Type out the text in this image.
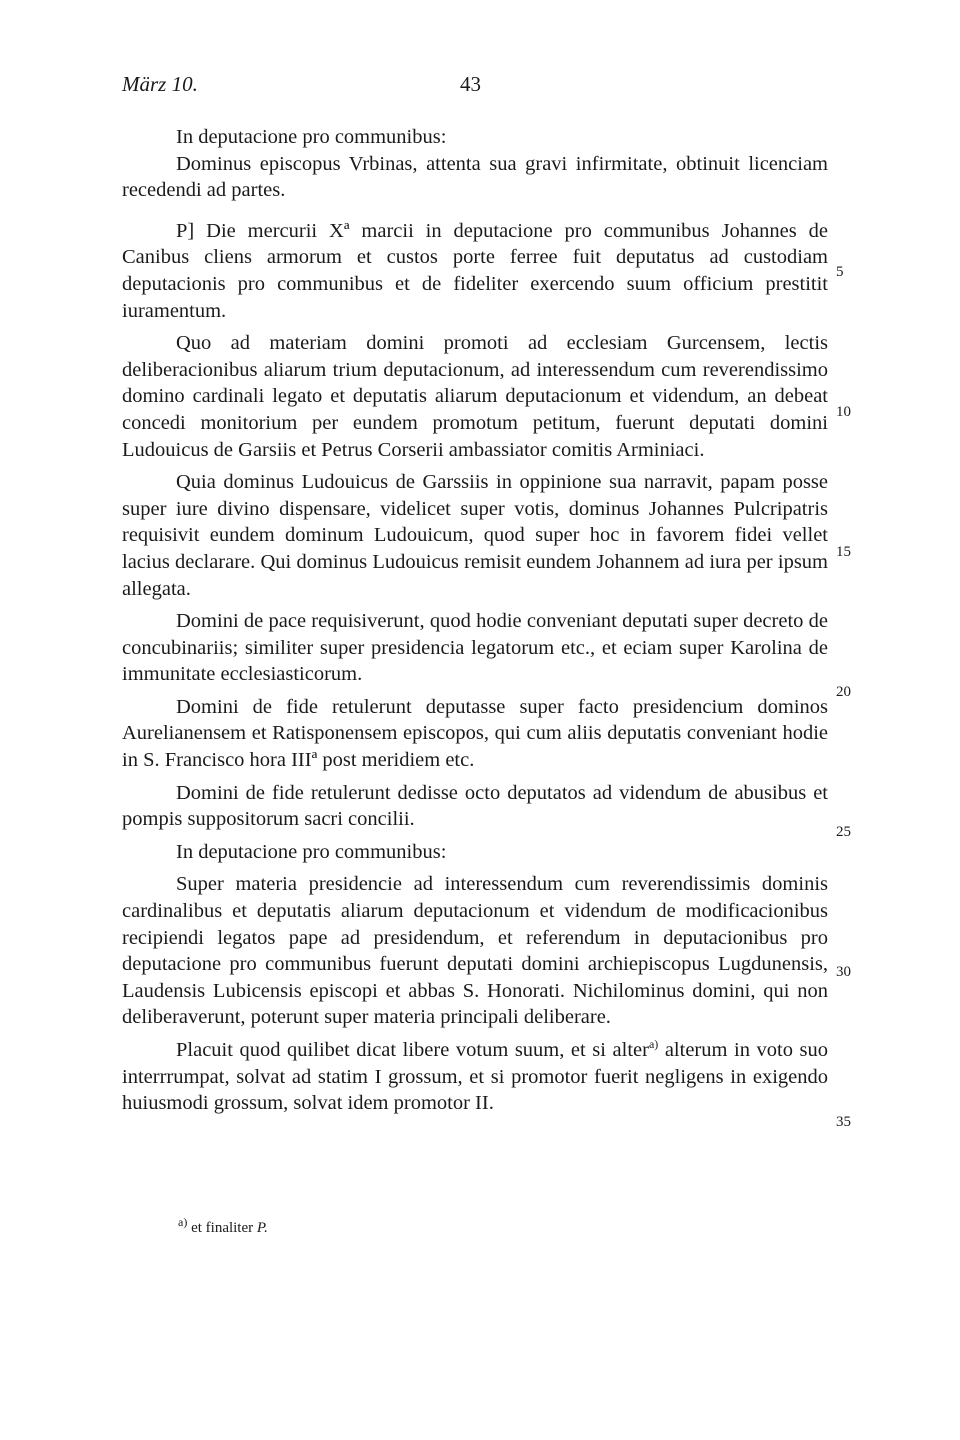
März 10.	43

In deputacione pro communibus:

Dominus episcopus Vrbinas, attenta sua gravi infirmitate, obtinuit licenciam recedendi ad partes.

P] Die mercurii Xª marcii in deputacione pro communibus Johannes de Canibus cliens armorum et custos porte ferree fuit deputatus ad custodiam deputacionis pro communibus et de fideliter exercendo suum officium prestitit iuramentum.

Quo ad materiam domini promoti ad ecclesiam Gurcensem, lectis deliberacionibus aliarum trium deputacionum, ad interessendum cum reverendissimo domino cardinali legato et deputatis aliarum deputacionum et videndum, an debeat concedi monitorium per eundem promotum petitum, fuerunt deputati domini Ludouicus de Garsiis et Petrus Corserii ambassiator comitis Arminiaci.

Quia dominus Ludouicus de Garssiis in oppinione sua narravit, papam posse super iure divino dispensare, videlicet super votis, dominus Johannes Pulcripatris requisivit eundem dominum Ludouicum, quod super hoc in favorem fidei vellet lacius declarare. Qui dominus Ludouicus remisit eundem Johannem ad iura per ipsum allegata.

Domini de pace requisiverunt, quod hodie conveniant deputati super decreto de concubinariis; similiter super presidencia legatorum etc., et eciam super Karolina de immunitate ecclesiasticorum.

Domini de fide retulerunt deputasse super facto presidencium dominos Aurelianensem et Ratisponensem episcopos, qui cum aliis deputatis conveniant hodie in S. Francisco hora IIIª post meridiem etc.

Domini de fide retulerunt dedisse octo deputatos ad videndum de abusibus et pompis suppositorum sacri concilii.

In deputacione pro communibus:

Super materia presidencie ad interessendum cum reverendissimis dominis cardinalibus et deputatis aliarum deputacionum et videndum de modificacionibus recipiendi legatos pape ad presidendum, et referendum in deputacionibus pro deputacione pro communibus fuerunt deputati domini archiepiscopus Lugdunensis, Laudensis Lubicensis episcopi et abbas S. Honorati. Nichilominus domini, qui non deliberaverunt, poterunt super materia principali deliberare.

Placuit quod quilibet dicat libere votum suum, et si alter$^{a)}$ alterum in voto suo interrrumpat, solvat ad statim I grossum, et si promotor fuerit negligens in exigendo huiusmodi grossum, solvat idem promotor II.

5
10
15
20
25
30
35
$^{a)}$ et finaliter P.
